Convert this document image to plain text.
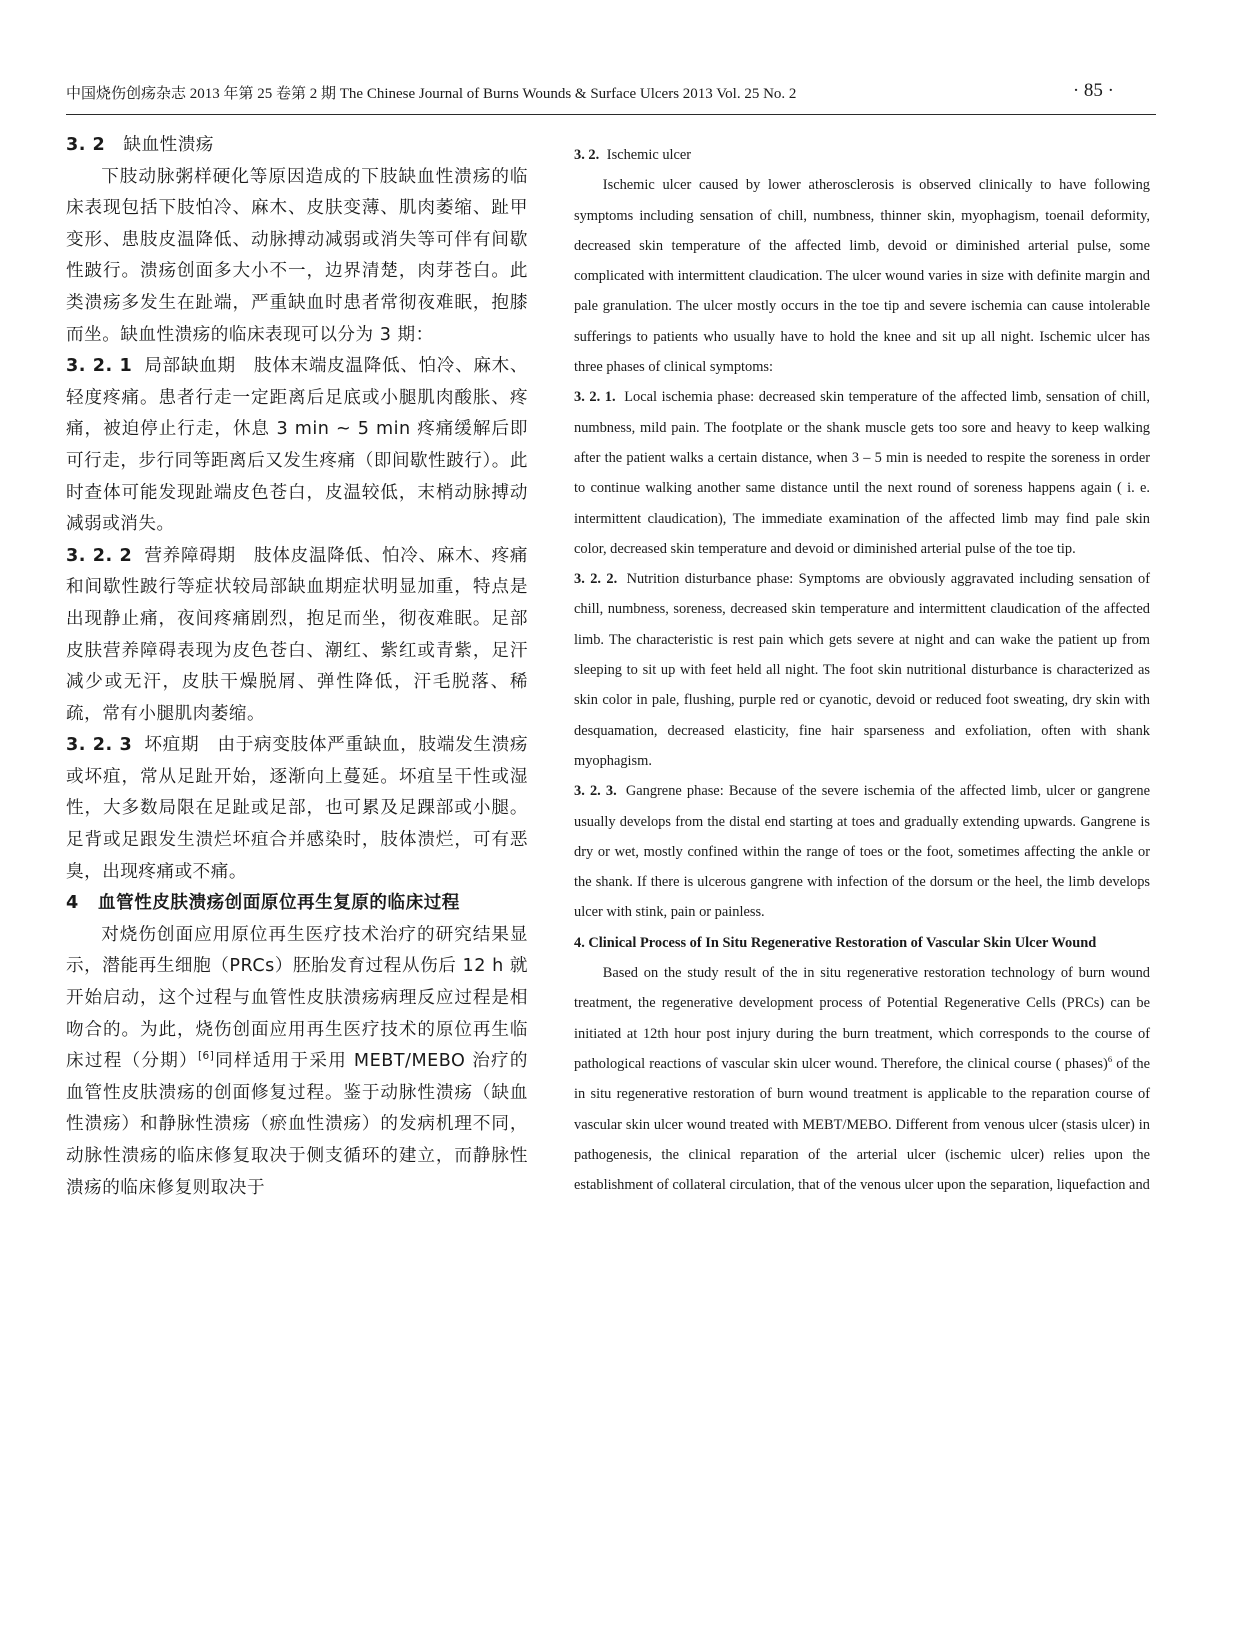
中国烧伤创疡杂志 2013 年第 25 卷第 2 期 The Chinese Journal of Burns Wounds & Surface Ulcers 2013 Vol. 25 No. 2	· 85 ·

3. 2　 缺血性溃疡

下肢动脉粥样硬化等原因造成的下肢缺血性溃疡的临床表现包括下肢怕冷、麻木、皮肤变薄、肌肉萎缩、趾甲变形、患肢皮温降低、动脉搏动减弱或消失等可伴有间歇性跛行。溃疡创面多大小不一，边界清楚，肉芽苍白。此类溃疡多发生在趾端，严重缺血时患者常彻夜难眠，抱膝而坐。缺血性溃疡的临床表现可以分为 3 期：

3. 2. 1 局部缺血期　肢体末端皮温降低、怕冷、麻木、轻度疼痛。患者行走一定距离后足底或小腿肌肉酸胀、疼痛，被迫停止行走，休息 3 min ~ 5 min 疼痛缓解后即可行走，步行同等距离后又发生疼痛（即间歇性跛行）。此时查体可能发现趾端皮色苍白，皮温较低，末梢动脉搏动减弱或消失。

3. 2. 2 营养障碍期　肢体皮温降低、怕冷、麻木、疼痛和间歇性跛行等症状较局部缺血期症状明显加重，特点是出现静止痛，夜间疼痛剧烈，抱足而坐，彻夜难眠。足部皮肤营养障碍表现为皮色苍白、潮红、紫红或青紫，足汗减少或无汗，皮肤干燥脱屑、弹性降低，汗毛脱落、稀疏，常有小腿肌肉萎缩。

3. 2. 3 坏疽期　由于病变肢体严重缺血，肢端发生溃疡或坏疽，常从足趾开始，逐渐向上蔓延。坏疽呈干性或湿性，大多数局限在足趾或足部，也可累及足踝部或小腿。足背或足跟发生溃烂坏疽合并感染时，肢体溃烂，可有恶臭，出现疼痛或不痛。

4 血管性皮肤溃疡创面原位再生复原的临床过程

对烧伤创面应用原位再生医疗技术治疗的研究结果显示，潜能再生细胞（PRCs）胚胎发育过程从伤后 12 h 就开始启动，这个过程与血管性皮肤溃疡病理反应过程是相吻合的。为此，烧伤创面应用再生医疗技术的原位再生临床过程（分期）[6]同样适用于采用 MEBT/MEBO 治疗的血管性皮肤溃疡的创面修复过程。鉴于动脉性溃疡（缺血性溃疡）和静脉性溃疡（瘀血性溃疡）的发病机理不同，动脉性溃疡的临床修复取决于侧支循环的建立，而静脉性溃疡的临床修复则取决于

3. 2. Ischemic ulcer

Ischemic ulcer caused by lower atherosclerosis is observed clinically to have following symptoms including sensation of chill, numbness, thinner skin, myophagism, toenail deformity, decreased skin temperature of the affected limb, devoid or diminished arterial pulse, some complicated with intermittent claudication. The ulcer wound varies in size with definite margin and pale granulation. The ulcer mostly occurs in the toe tip and severe ischemia can cause intolerable sufferings to patients who usually have to hold the knee and sit up all night. Ischemic ulcer has three phases of clinical symptoms:

3. 2. 1. Local ischemia phase: decreased skin temperature of the affected limb, sensation of chill, numbness, mild pain. The footplate or the shank muscle gets too sore and heavy to keep walking after the patient walks a certain distance, when 3 – 5 min is needed to respite the soreness in order to continue walking another same distance until the next round of soreness happens again ( i. e. intermittent claudication), The immediate examination of the affected limb may find pale skin color, decreased skin temperature and devoid or diminished arterial pulse of the toe tip.

3. 2. 2. Nutrition disturbance phase: Symptoms are obviously aggravated including sensation of chill, numbness, soreness, decreased skin temperature and intermittent claudication of the affected limb. The characteristic is rest pain which gets severe at night and can wake the patient up from sleeping to sit up with feet held all night. The foot skin nutritional disturbance is characterized as skin color in pale, flushing, purple red or cyanotic, devoid or reduced foot sweating, dry skin with desquamation, decreased elasticity, fine hair sparseness and exfoliation, often with shank myophagism.

3. 2. 3. Gangrene phase: Because of the severe ischemia of the affected limb, ulcer or gangrene usually develops from the distal end starting at toes and gradually extending upwards. Gangrene is dry or wet, mostly confined within the range of toes or the foot, sometimes affecting the ankle or the shank. If there is ulcerous gangrene with infection of the dorsum or the heel, the limb develops ulcer with stink, pain or painless.

4. Clinical Process of In Situ Regenerative Restoration of Vascular Skin Ulcer Wound

Based on the study result of the in situ regenerative restoration technology of burn wound treatment, the regenerative development process of Potential Regenerative Cells (PRCs) can be initiated at 12th hour post injury during the burn treatment, which corresponds to the course of pathological reactions of vascular skin ulcer wound. Therefore, the clinical course ( phases)$^6$ of the in situ regenerative restoration of burn wound treatment is applicable to the reparation course of vascular skin ulcer wound treated with MEBT/MEBO. Different from venous ulcer (stasis ulcer) in pathogenesis, the clinical reparation of the arterial ulcer (ischemic ulcer) relies upon the establishment of collateral circulation, that of the venous ulcer upon the separation, liquefaction and
